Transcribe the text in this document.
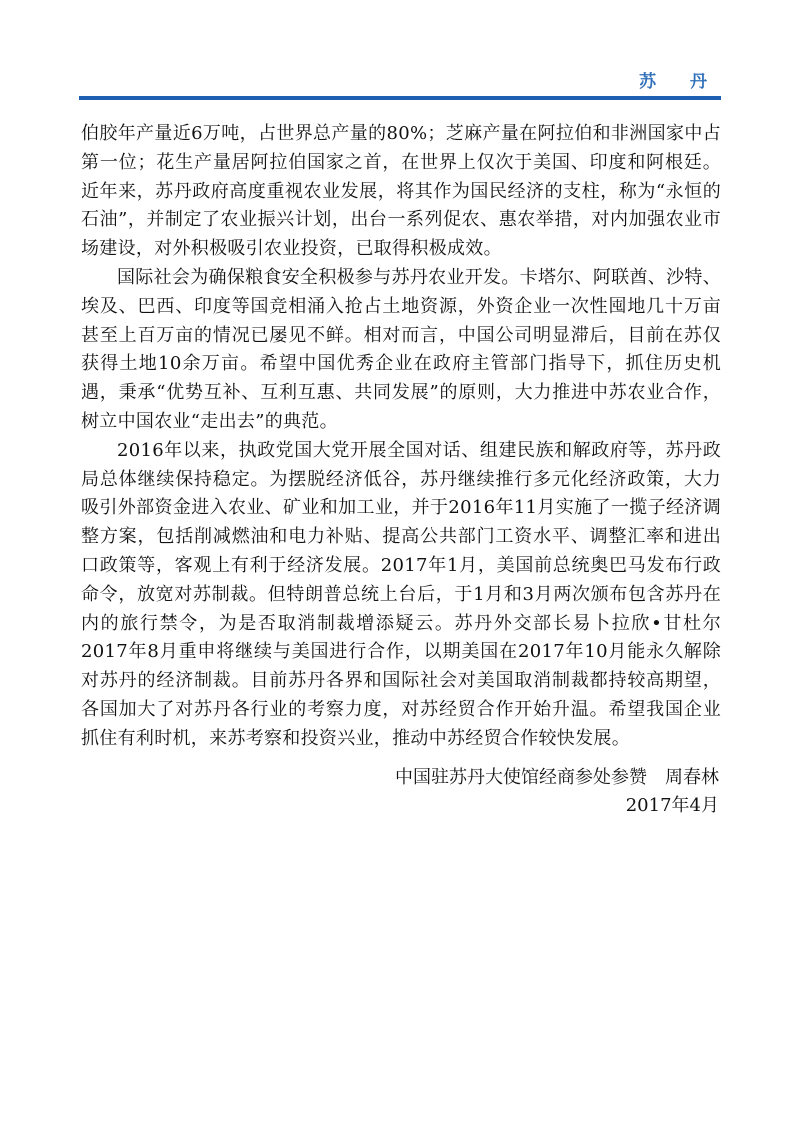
苏 丹

伯胶年产量近6万吨，占世界总产量的80%；芝麻产量在阿拉伯和非洲国家中占第一位；花生产量居阿拉伯国家之首，在世界上仅次于美国、印度和阿根廷。近年来，苏丹政府高度重视农业发展，将其作为国民经济的支柱，称为“永恒的石油”，并制定了农业振兴计划，出台一系列促农、惠农举措，对内加强农业市场建设，对外积极吸引农业投资，已取得积极成效。

国际社会为确保粮食安全积极参与苏丹农业开发。卡塔尔、阿联酋、沙特、埃及、巴西、印度等国竞相涌入抢占土地资源，外资企业一次性囤地几十万亩甚至上百万亩的情况已屡见不鲜。相对而言，中国公司明显滞后，目前在苏仅获得土地10余万亩。希望中国优秀企业在政府主管部门指导下，抓住历史机遇，秉承“优势互补、互利互惠、共同发展”的原则，大力推进中苏农业合作，树立中国农业“走出去”的典范。

2016年以来，执政党国大党开展全国对话、组建民族和解政府等，苏丹政局总体继续保持稳定。为摆脱经济低谷，苏丹继续推行多元化经济政策，大力吸引外部资金进入农业、矿业和加工业，并于2016年11月实施了一揽子经济调整方案，包括削减燃油和电力补贴、提高公共部门工资水平、调整汇率和进出口政策等，客观上有利于经济发展。2017年1月，美国前总统奥巴马发布行政命令，放宽对苏制裁。但特朗普总统上台后，于1月和3月两次颁布包含苏丹在内的旅行禁令，为是否取消制裁增添疑云。苏丹外交部长易卜拉欣•甘杜尔2017年8月重申将继续与美国进行合作，以期美国在2017年10月能永久解除对苏丹的经济制裁。目前苏丹各界和国际社会对美国取消制裁都持较高期望，各国加大了对苏丹各行业的考察力度，对苏经贸合作开始升温。希望我国企业抓住有利时机，来苏考察和投资兴业，推动中苏经贸合作较快发展。

中国驻苏丹大使馆经商参处参赞　周春林
2017年4月
